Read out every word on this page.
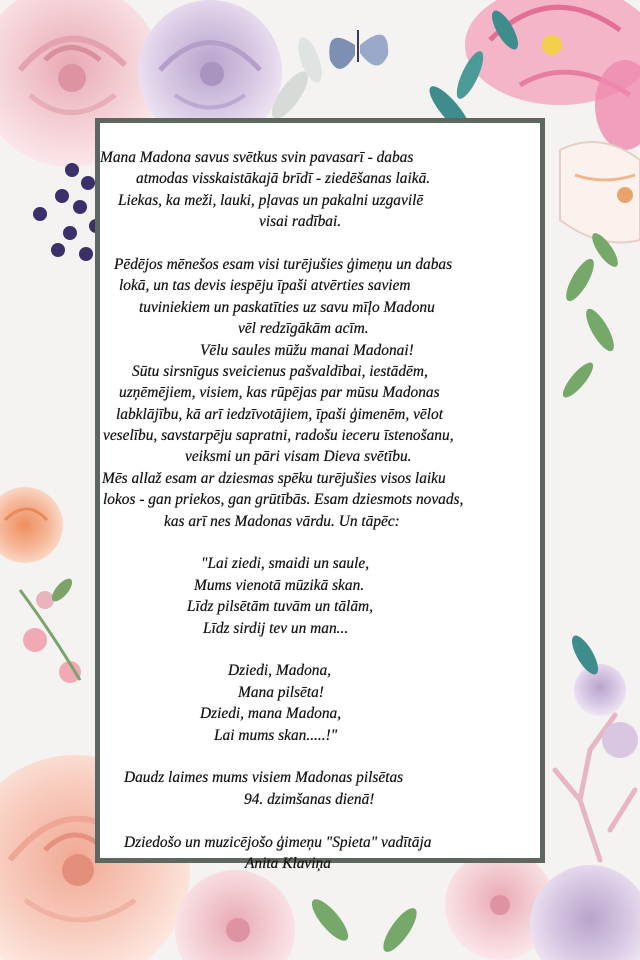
Mana Madona savus svētkus svin pavasarī - dabas
atmodas visskaistākajā brīdī - ziedēšanas laikā.
Liekas, ka meži, lauki, pļavas un pakalni uzgavilē
visai radībai.
Pēdējos mēnešos esam visi turējušies ģimeņu un dabas
lokā, un tas devis iespēju īpaši atvērties saviem
tuviniekiem un paskatīties uz savu mīļo Madonu
vēl redzīgākām acīm.
Vēlu saules mūžu manai Madonai!
Sūtu sirsnīgus sveicienus pašvaldībai, iestādēm,
uzņēmējiem, visiem, kas rūpējas par mūsu Madonas
labklājību, kā arī iedzīvotājiem, īpaši ģimenēm, vēlot
veselību, savstarpēju sapratni, radošu ieceru īstenošanu,
veiksmi un pāri visam Dieva svētību.
Mēs allaž esam ar dziesmas spēku turējušies visos laiku
lokos - gan priekos, gan grūtībās. Esam dziesmots novads,
kas arī nes Madonas vārdu. Un tāpēc:
"Lai ziedi, smaidi un saule,
Mums vienotā mūzikā skan.
Līdz pilsētām tuvām un tālām,
Līdz sirdij tev un man...
Dziedi, Madona,
Mana pilsēta!
Dziedi, mana Madona,
Lai mums skan.....!"
Daudz laimes mums visiem Madonas pilsētas
94. dzimšanas dienā!
Dziedošo un muzicējošo ģimeņu "Spieta" vadītāja
Anita Klaviņa
